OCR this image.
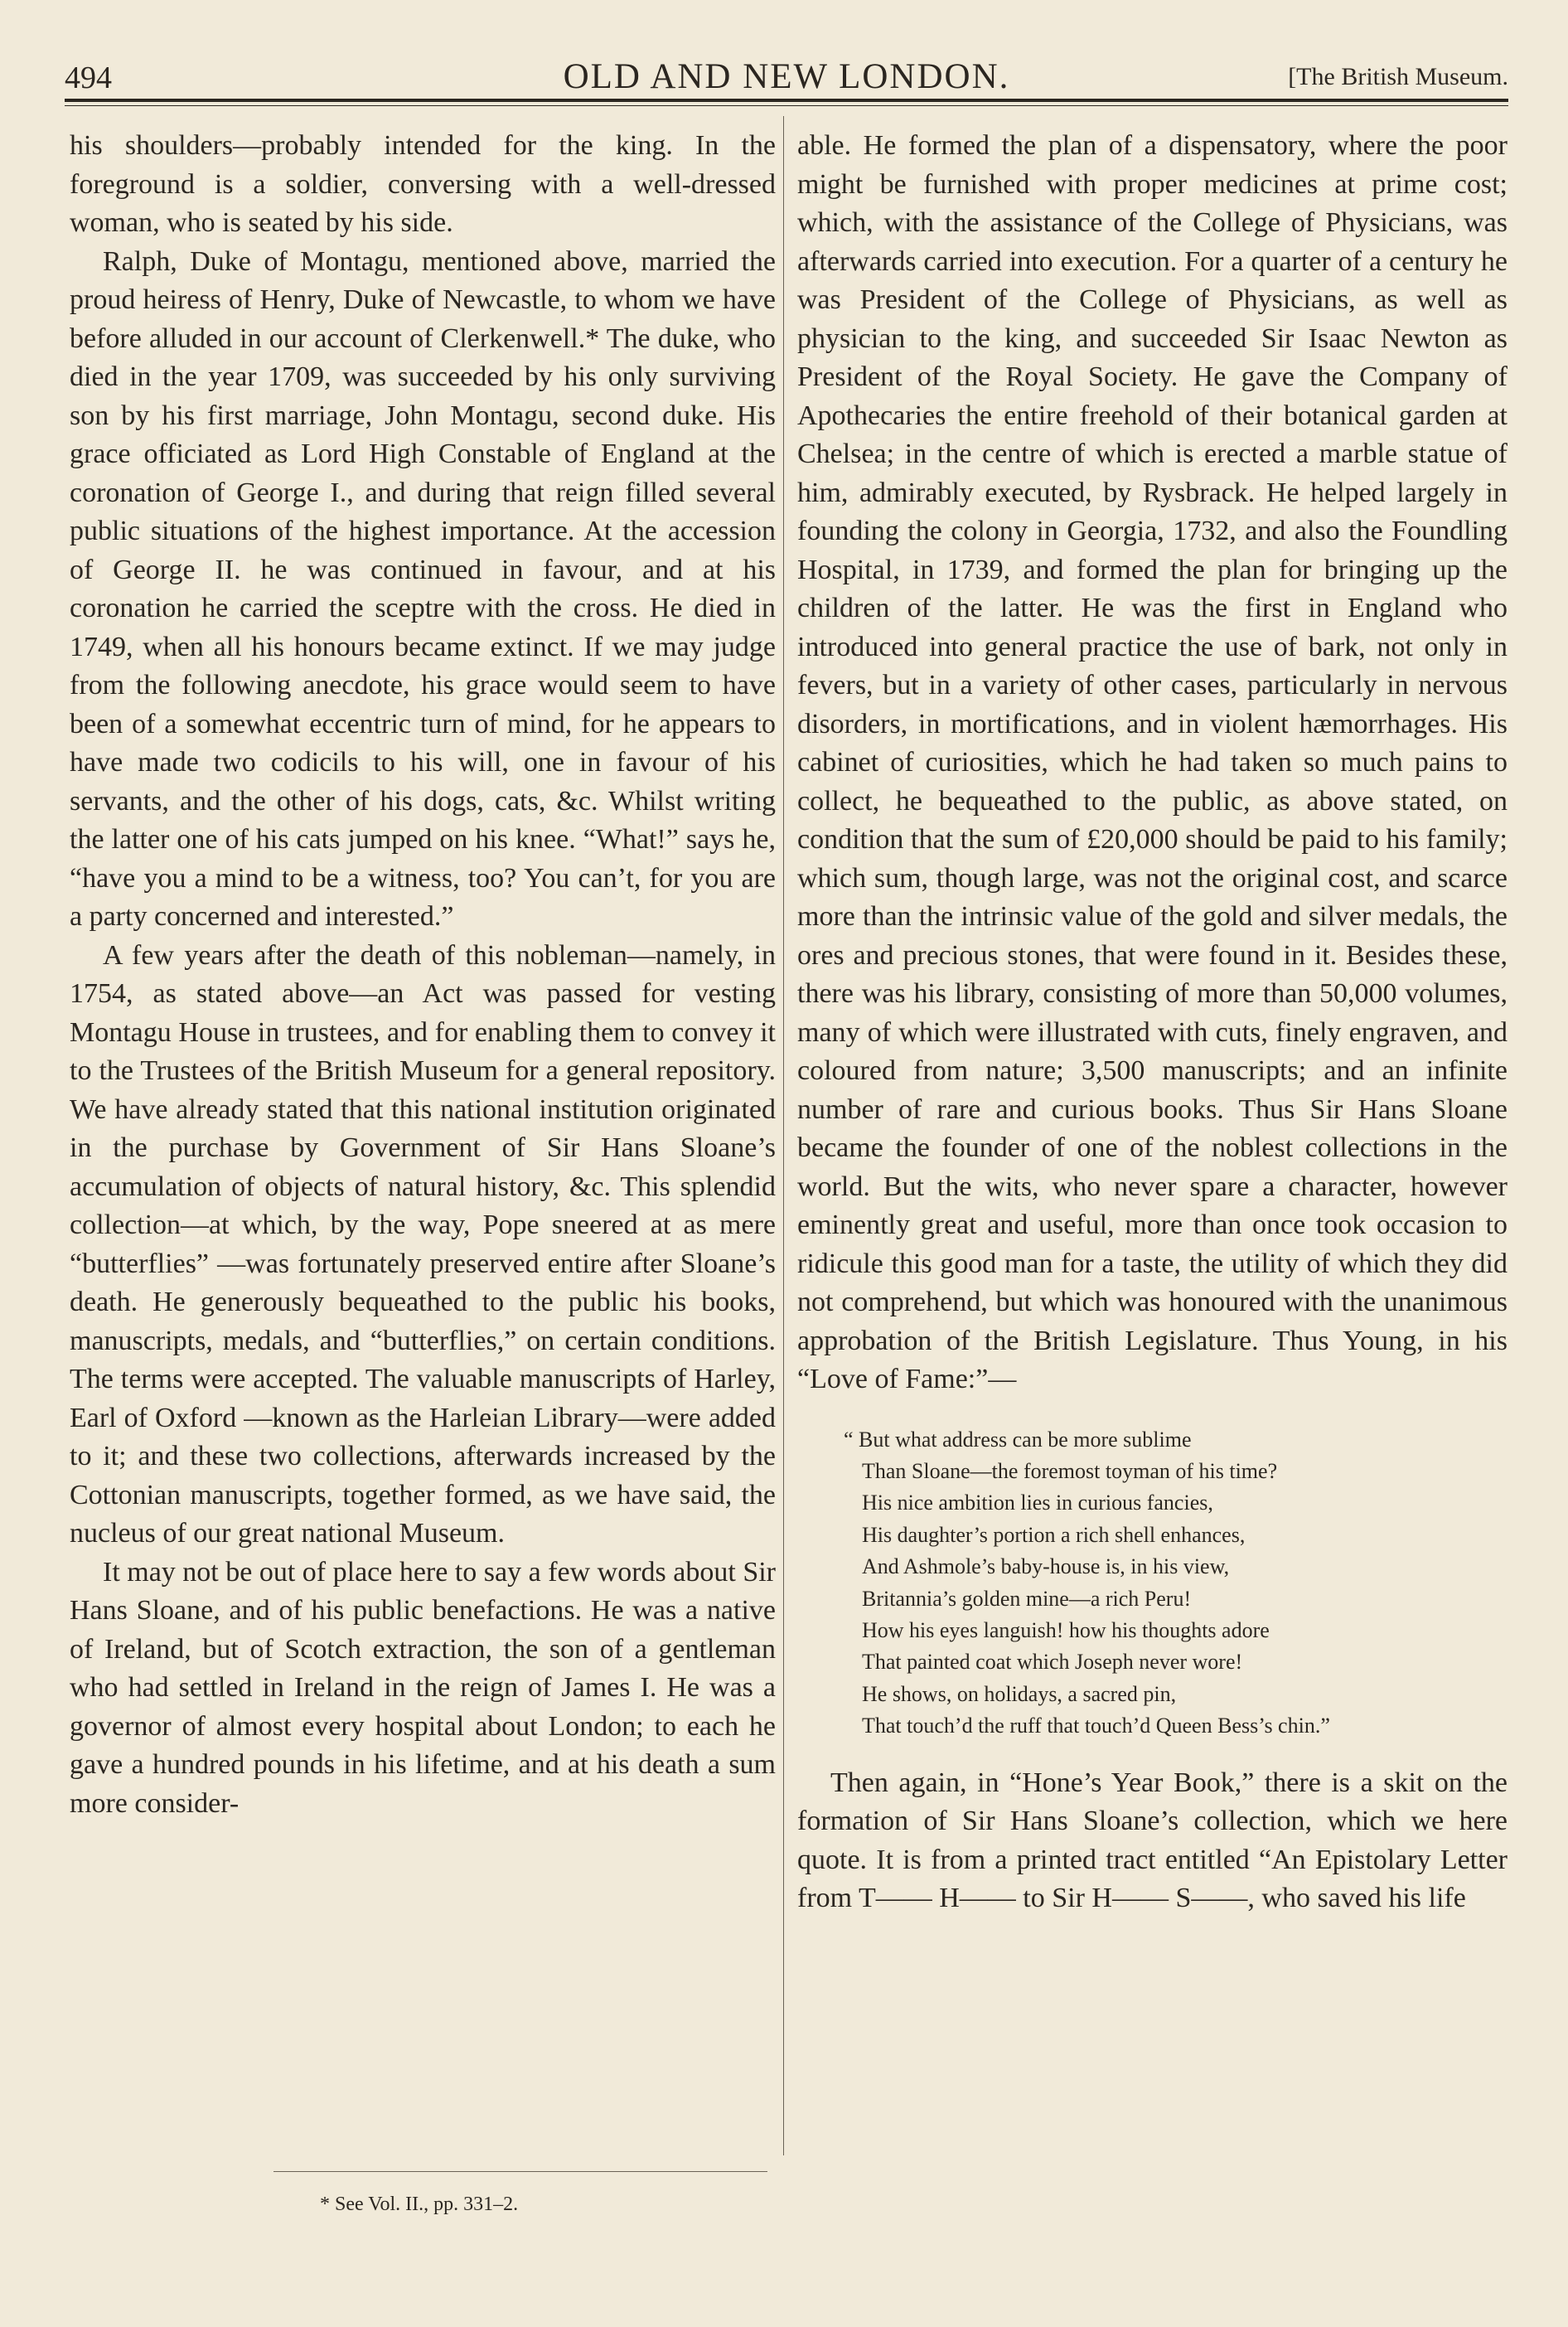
494	OLD AND NEW LONDON.	[The British Museum.

his shoulders—probably intended for the king. In the foreground is a soldier, conversing with a well-dressed woman, who is seated by his side.

Ralph, Duke of Montagu, mentioned above, married the proud heiress of Henry, Duke of Newcastle, to whom we have before alluded in our account of Clerkenwell.* The duke, who died in the year 1709, was succeeded by his only surviving son by his first marriage, John Montagu, second duke. His grace officiated as Lord High Constable of England at the coronation of George I., and during that reign filled several public situations of the highest importance. At the accession of George II. he was continued in favour, and at his coronation he carried the sceptre with the cross. He died in 1749, when all his honours became extinct. If we may judge from the following anecdote, his grace would seem to have been of a somewhat eccentric turn of mind, for he appears to have made two codicils to his will, one in favour of his servants, and the other of his dogs, cats, &c. Whilst writing the latter one of his cats jumped on his knee. “What!” says he, “have you a mind to be a witness, too? You can’t, for you are a party concerned and interested.”

A few years after the death of this nobleman—namely, in 1754, as stated above—an Act was passed for vesting Montagu House in trustees, and for enabling them to convey it to the Trustees of the British Museum for a general repository. We have already stated that this national institution originated in the purchase by Government of Sir Hans Sloane’s accumulation of objects of natural history, &c. This splendid collection—at which, by the way, Pope sneered at as mere “butterflies” —was fortunately preserved entire after Sloane’s death. He generously bequeathed to the public his books, manuscripts, medals, and “butterflies,” on certain conditions. The terms were accepted. The valuable manuscripts of Harley, Earl of Oxford —known as the Harleian Library—were added to it; and these two collections, afterwards increased by the Cottonian manuscripts, together formed, as we have said, the nucleus of our great national Museum.

It may not be out of place here to say a few words about Sir Hans Sloane, and of his public benefactions. He was a native of Ireland, but of Scotch extraction, the son of a gentleman who had settled in Ireland in the reign of James I. He was a governor of almost every hospital about London; to each he gave a hundred pounds in his lifetime, and at his death a sum more consider-

able. He formed the plan of a dispensatory, where the poor might be furnished with proper medicines at prime cost; which, with the assistance of the College of Physicians, was afterwards carried into execution. For a quarter of a century he was President of the College of Physicians, as well as physician to the king, and succeeded Sir Isaac Newton as President of the Royal Society. He gave the Company of Apothecaries the entire freehold of their botanical garden at Chelsea; in the centre of which is erected a marble statue of him, admirably executed, by Rysbrack. He helped largely in founding the colony in Georgia, 1732, and also the Foundling Hospital, in 1739, and formed the plan for bringing up the children of the latter. He was the first in England who introduced into general practice the use of bark, not only in fevers, but in a variety of other cases, particularly in nervous disorders, in mortifications, and in violent hæmorrhages. His cabinet of curiosities, which he had taken so much pains to collect, he bequeathed to the public, as above stated, on condition that the sum of £20,000 should be paid to his family; which sum, though large, was not the original cost, and scarce more than the intrinsic value of the gold and silver medals, the ores and precious stones, that were found in it. Besides these, there was his library, consisting of more than 50,000 volumes, many of which were illustrated with cuts, finely engraven, and coloured from nature; 3,500 manuscripts; and an infinite number of rare and curious books. Thus Sir Hans Sloane became the founder of one of the noblest collections in the world. But the wits, who never spare a character, however eminently great and useful, more than once took occasion to ridicule this good man for a taste, the utility of which they did not comprehend, but which was honoured with the unanimous approbation of the British Legislature. Thus Young, in his “Love of Fame:”—

“ But what address can be more sublime
Than Sloane—the foremost toyman of his time?
His nice ambition lies in curious fancies,
His daughter’s portion a rich shell enhances,
And Ashmole’s baby-house is, in his view,
Britannia’s golden mine—a rich Peru!
How his eyes languish! how his thoughts adore
That painted coat which Joseph never wore!
He shows, on holidays, a sacred pin,
That touch’d the ruff that touch’d Queen Bess’s chin.”

Then again, in “Hone’s Year Book,” there is a skit on the formation of Sir Hans Sloane’s collection, which we here quote. It is from a printed tract entitled “An Epistolary Letter from T—— H—— to Sir H—— S——, who saved his life

* See Vol. II., pp. 331–2.
